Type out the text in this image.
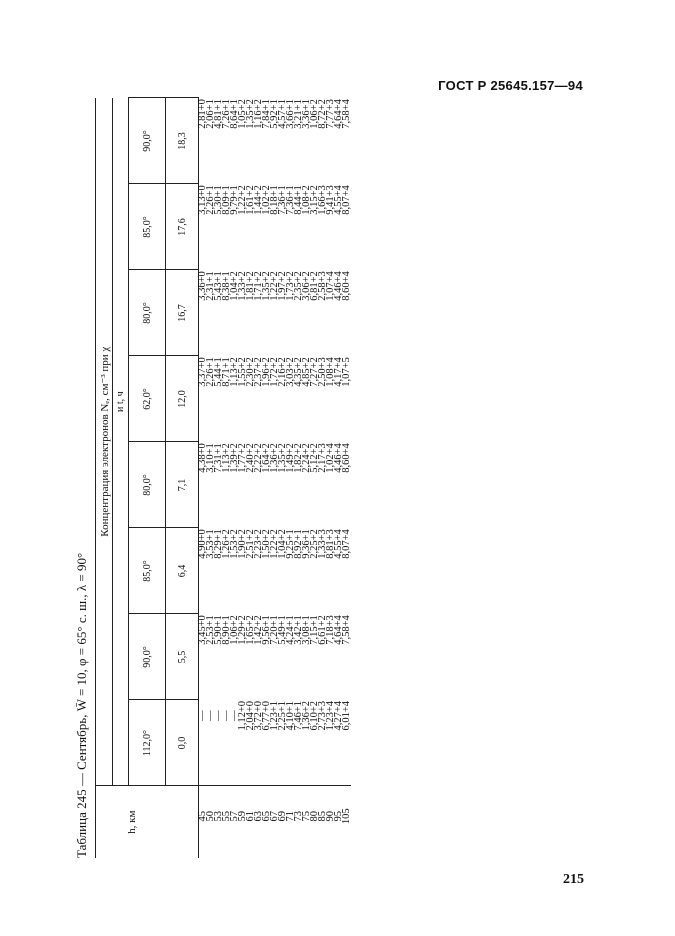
ГОСТ Р 25645.157—94
Таблица 245 — Сентябрь, W̄ = 10, φ = 65° с. ш., λ = 90°	h, км	Концентрация электронов Nₑ, см⁻³ при χ							
	и t, ч							
	112,0°	90,0°	85,0°	80,0°	62,0°	80,0°	85,0°	90,0°
	0,0	5,5	6,4	7,1	12,0	16,7	17,6	18,3
45	—	3,45+0	4,90+0	4,38+0	3,37+0	3,36+0	3,13+0	2,81+0
50	—	2,53+1	3,53+1	3,10+1	2,26+1	2,31+1	2,26+1	2,06+1
53	—	5,90+1	8,29+1	7,31+1	5,44+1	5,43+1	5,30+1	4,81+1
55	—	8,90+1	1,26+2	1,13+2	8,71+1	8,38+1	8,09+1	7,26+1
57	—	1,06+2	1,53+2	1,39+2	1,13+2	1,04+2	9,79+1	8,64+1
59	1,12+0	1,29+2	1,90+2	1,77+2	1,55+2	1,33+2	1,22+2	1,05+2
61	2,04+0	1,65+2	2,51+2	2,40+2	2,30+2	1,81+2	1,61+2	1,35+2
63	3,72+0	1,42+2	2,23+2	2,22+2	2,37+2	1,71+2	1,44+2	1,16+2
65	6,77+0	9,56+1	1,50+2	1,64+2	1,96+2	1,35+2	1,02+2	7,84+1
67	1,23+1	7,20+1	1,22+2	1,36+2	1,72+2	1,22+2	8,18+1	5,92+1
69	2,25+1	5,49+1	1,04+2	1,35+2	2,16+2	1,97+2	7,36+1	4,57+1
71	4,10+1	4,24+1	9,25+1	1,49+2	3,03+2	1,73+2	7,36+1	3,66+1
73	7,46+1	3,42+1	8,92+1	1,82+2	4,35+2	2,35+2	8,44+1	3,21+1
75	1,36+2	3,08+1	9,36+1	2,24+2	4,85+2	3,06+2	1,08+2	3,36+1
80	6,10+2	7,15+1	2,25+2	5,12+2	7,27+2	6,81+2	3,15+2	1,06+2
85	2,73+3	6,61+2	1,33+3	2,17+3	2,50+3	2,58+3	1,66+3	8,72+2
90	1,23+4	7,18+3	8,81+3	1,02+4	1,08+4	1,07+4	9,41+3	7,77+3
95	4,27+4	4,64+4	4,55+4	4,46+4	4,17+4	4,46+4	4,55+4	4,64+4
105	6,01+4	7,58+4	8,07+4	8,60+4	1,07+5	8,60+4	8,07+4	7,58+4
215
